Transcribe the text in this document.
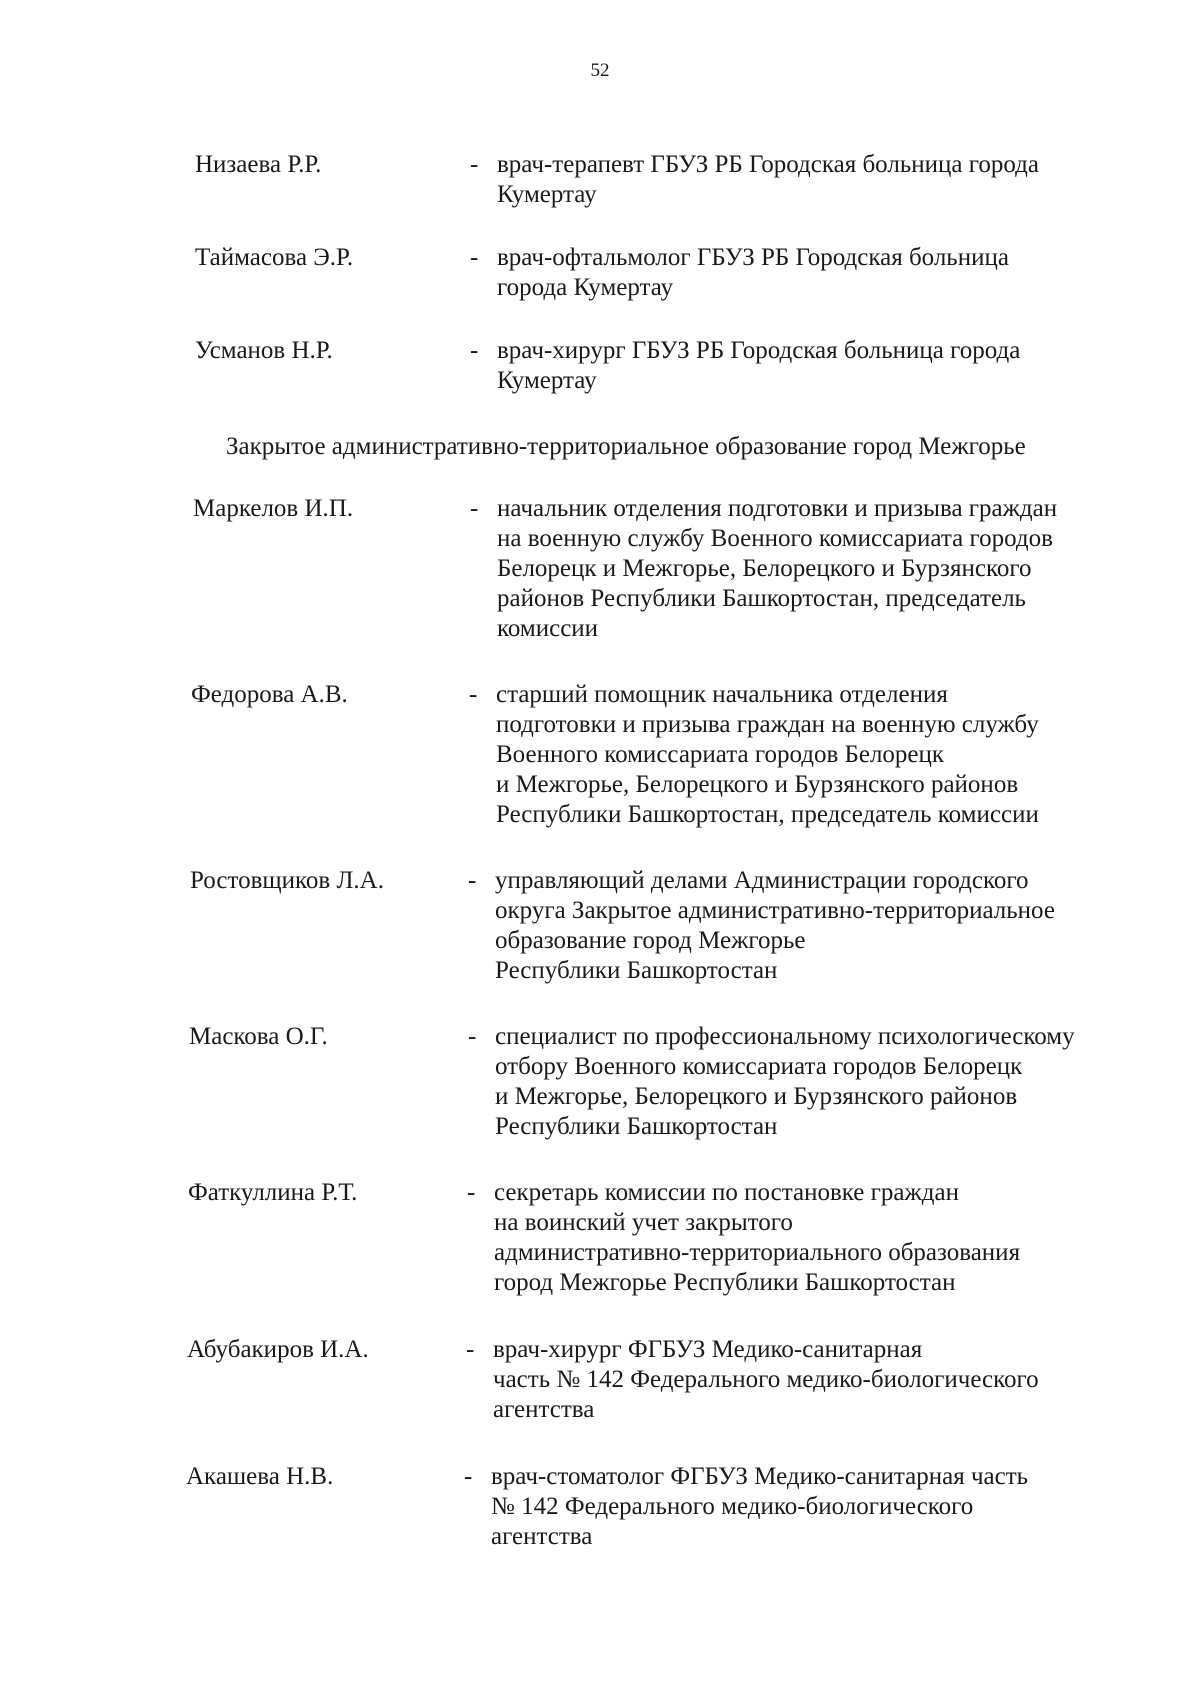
52
Низаева Р.Р.	- врач-терапевт ГБУЗ РБ Городская больница города
Кумертау
Таймасова Э.Р.	- врач-офтальмолог ГБУЗ РБ Городская больница
города Кумертау
Усманов Н.Р.	- врач-хирург ГБУЗ РБ Городская больница города
Кумертау
Закрытое административно-территориальное образование город Межгорье
Маркелов И.П.	- начальник отделения подготовки и призыва граждан
на военную службу Военного комиссариата городов
Белорецк и Межгорье, Белорецкого и Бурзянского
районов Республики Башкортостан, председатель
комиссии
Федорова А.В.	- старший помощник начальника отделения
подготовки и призыва граждан на военную службу
Военного комиссариата городов Белорецк
и Межгорье, Белорецкого и Бурзянского районов
Республики Башкортостан, председатель комиссии
Ростовщиков Л.А.	- управляющий делами Администрации городского
округа Закрытое административно-территориальное
образование город Межгорье
Республики Башкортостан
Маскова О.Г.	- специалист по профессиональному психологическому
отбору Военного комиссариата городов Белорецк
и Межгорье, Белорецкого и Бурзянского районов
Республики Башкортостан
Фаткуллина Р.Т.	- секретарь комиссии по постановке граждан
на воинский учет закрытого
административно-территориального образования
город Межгорье Республики Башкортостан
Абубакиров И.А.	- врач-хирург ФГБУЗ Медико-санитарная
часть № 142 Федерального медико-биологического
агентства
Акашева Н.В.	- врач-стоматолог ФГБУЗ Медико-санитарная часть
№ 142 Федерального медико-биологического
агентства
